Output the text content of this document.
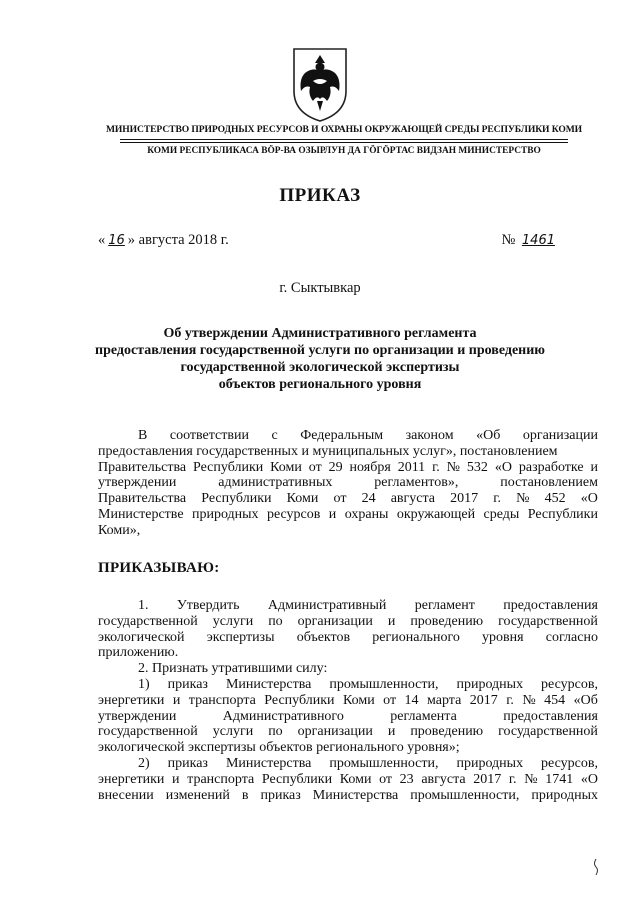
МИНИСТЕРСТВО ПРИРОДНЫХ РЕСУРСОВ И ОХРАНЫ ОКРУЖАЮЩЕЙ СРЕДЫ РЕСПУБЛИКИ КОМИ
КОМИ РЕСПУБЛИКАСА ВÖР-ВА ОЗЫРЛУН ДА ГÖГÖРТАС ВИДЗАН МИНИСТЕРСТВО
ПРИКАЗ
« 16 » августа 2018 г.	№ 1461
г. Сыктывкар
Об утверждении Административного регламента
предоставления государственной услуги по организации и проведению
государственной экологической экспертизы
объектов регионального уровня
В соответствии с Федеральным законом «Об организации
предоставления государственных и муниципальных услуг», постановлением
Правительства Республики Коми от 29 ноября 2011 г. № 532 «О разработке и
утверждении	административных	регламентов»,	постановлением
Правительства Республики Коми от 24 августа 2017 г. № 452 «О
Министерстве природных ресурсов и охраны окружающей среды Республики
Коми»,
ПРИКАЗЫВАЮ:
1. Утвердить Административный регламент предоставления
государственной услуги по организации и проведению государственной
экологической экспертизы объектов регионального уровня согласно
приложению.
2. Признать утратившими силу:
1) приказ Министерства промышленности, природных ресурсов,
энергетики и транспорта Республики Коми от 14 марта 2017 г. № 454 «Об
утверждении	Административного	регламента	предоставления
государственной услуги по организации и проведению государственной
экологической экспертизы объектов регионального уровня»;
2) приказ Министерства промышленности, природных ресурсов,
энергетики и транспорта Республики Коми от 23 августа 2017 г. № 1741 «О
внесении изменений в приказ Министерства промышленности, природных
